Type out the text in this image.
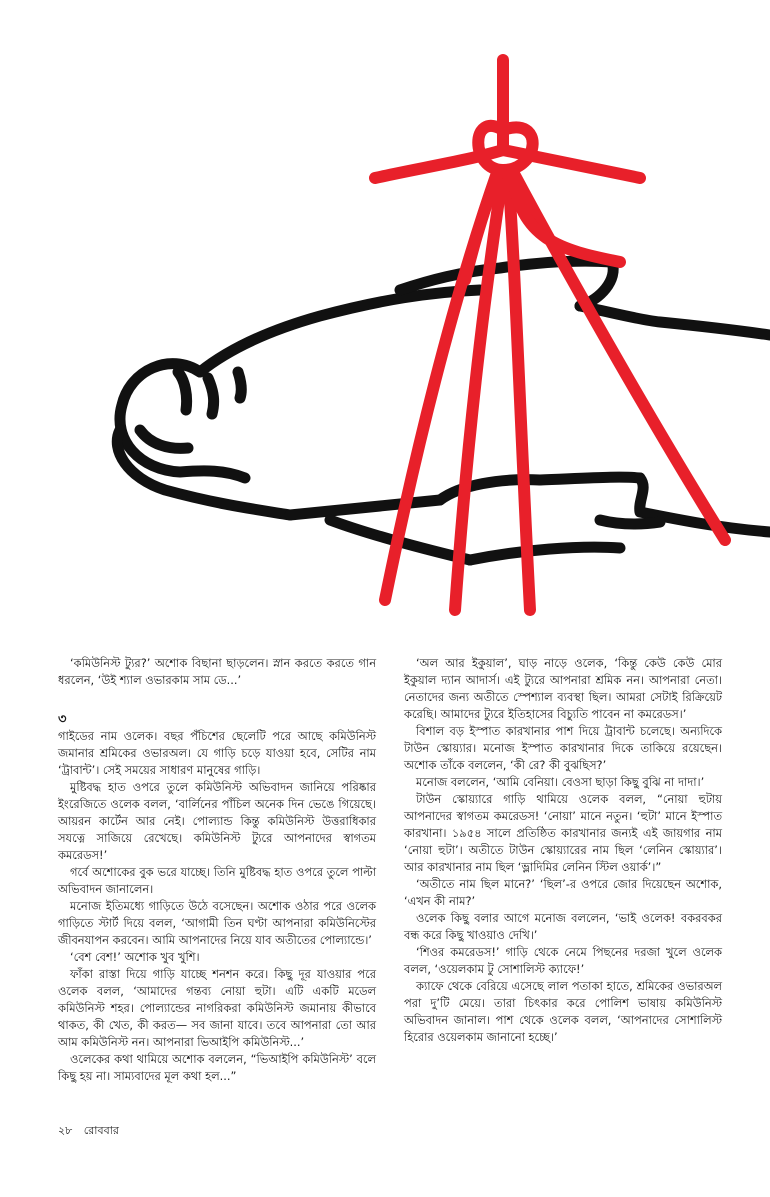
‘কমিউনিস্ট ট্যুর?’ অশোক বিছানা ছাড়লেন। স্নান করতে করতে গান ধরলেন, ‘উই শ্যাল ওভারকাম সাম ডে...’

৩

গাইডের নাম ওলেক। বছর পঁচিশের ছেলেটি পরে আছে কমিউনিস্ট জমানার শ্রমিকের ওভারঅল। যে গাড়ি চড়ে যাওয়া হবে, সেটির নাম ‘ট্রাবান্ট’। সেই সময়ের সাধারণ মানুষের গাড়ি।

মুষ্টিবদ্ধ হাত ওপরে তুলে কমিউনিস্ট অভিবাদন জানিয়ে পরিষ্কার ইংরেজিতে ওলেক বলল, ‘বার্লিনের পাঁচিল অনেক দিন ভেঙে গিয়েছে। আয়রন কার্টেন আর নেই। পোল্যান্ড কিন্তু কমিউনিস্ট উত্তরাধিকার সযত্নে সাজিয়ে রেখেছে। কমিউনিস্ট ট্যুরে আপনাদের স্বাগতম কমরেডস!’

গর্বে অশোকের বুক ভরে যাচ্ছে। তিনি মুষ্টিবদ্ধ হাত ওপরে তুলে পাল্টা অভিবাদন জানালেন।

মনোজ ইতিমধ্যে গাড়িতে উঠে বসেছেন। অশোক ওঠার পরে ওলেক গাড়িতে স্টার্ট দিয়ে বলল, ‘আগামী তিন ঘণ্টা আপনারা কমিউনিস্টের জীবনযাপন করবেন। আমি আপনাদের নিয়ে যাব অতীতের পোল্যান্ডে।’

‘বেশ বেশ!’ অশোক খুব খুশি।

ফাঁকা রাস্তা দিয়ে গাড়ি যাচ্ছে শনশন করে। কিছু দূর যাওয়ার পরে ওলেক বলল, ‘আমাদের গন্তব্য নোয়া হুটা। এটি একটি মডেল কমিউনিস্ট শহর। পোল্যান্ডের নাগরিকরা কমিউনিস্ট জমানায় কীভাবে থাকত, কী খেত, কী করত— সব জানা যাবে। তবে আপনারা তো আর আম কমিউনিস্ট নন। আপনারা ভিআইপি কমিউনিস্ট...’

ওলেকের কথা থামিয়ে অশোক বললেন, “ভিআইপি কমিউনিস্ট’ বলে কিছু হয় না। সাম্যবাদের মূল কথা হল...”

‘অল আর ইকুয়াল’, ঘাড় নাড়ে ওলেক, ‘কিন্তু কেউ কেউ মোর ইকুয়াল দ্যান আদার্স। এই ট্যুরে আপনারা শ্রমিক নন। আপনারা নেতা। নেতাদের জন্য অতীতে স্পেশ্যাল ব্যবস্থা ছিল। আমরা সেটাই রিক্রিয়েট করেছি। আমাদের ট্যুরে ইতিহাসের বিচ্যুতি পাবেন না কমরেডস।’

বিশাল বড় ইস্পাত কারখানার পাশ দিয়ে ট্রাবান্ট চলেছে। অন্যদিকে টাউন স্কোয়্যার। মনোজ ইস্পাত কারখানার দিকে তাকিয়ে রয়েছেন। অশোক তাঁকে বললেন, ‘কী রে? কী বুঝছিস?’

মনোজ বললেন, ‘আমি বেনিয়া। বেওসা ছাড়া কিছু বুঝি না দাদা।’

টাউন স্কোয়্যারে গাড়ি থামিয়ে ওলেক বলল, “নোয়া হুটায় আপনাদের স্বাগতম কমরেডস! ‘নোয়া’ মানে নতুন। ‘হুটা’ মানে ইস্পাত কারখানা। ১৯৫৪ সালে প্রতিষ্ঠিত কারখানার জন্যই এই জায়গার নাম ‘নোয়া হুটা’। অতীতে টাউন স্কোয়্যারের নাম ছিল ‘লেনিন স্কোয়্যার’। আর কারখানার নাম ছিল ‘ভ্লাদিমির লেনিন স্টিল ওয়ার্ক’।”

‘অতীতে নাম ছিল মানে?’ ‘ছিল’-র ওপরে জোর দিয়েছেন অশোক, ‘এখন কী নাম?’

ওলেক কিছু বলার আগে মনোজ বললেন, ‘ভাই ওলেক! বকরবকর বন্ধ করে কিছু খাওয়াও দেখি।’

‘শিওর কমরেডস!’ গাড়ি থেকে নেমে পিছনের দরজা খুলে ওলেক বলল, ‘ওয়েলকাম টু সোশালিস্ট ক্যাফে!’

ক্যাফে থেকে বেরিয়ে এসেছে লাল পতাকা হাতে, শ্রমিকের ওভারঅল পরা দু’টি মেয়ে। তারা চিৎকার করে পোলিশ ভাষায় কমিউনিস্ট অভিবাদন জানাল। পাশ থেকে ওলেক বলল, ‘আপনাদের সোশালিস্ট হিরোর ওয়েলকাম জানানো হচ্ছে।’

২৮ রোববার
